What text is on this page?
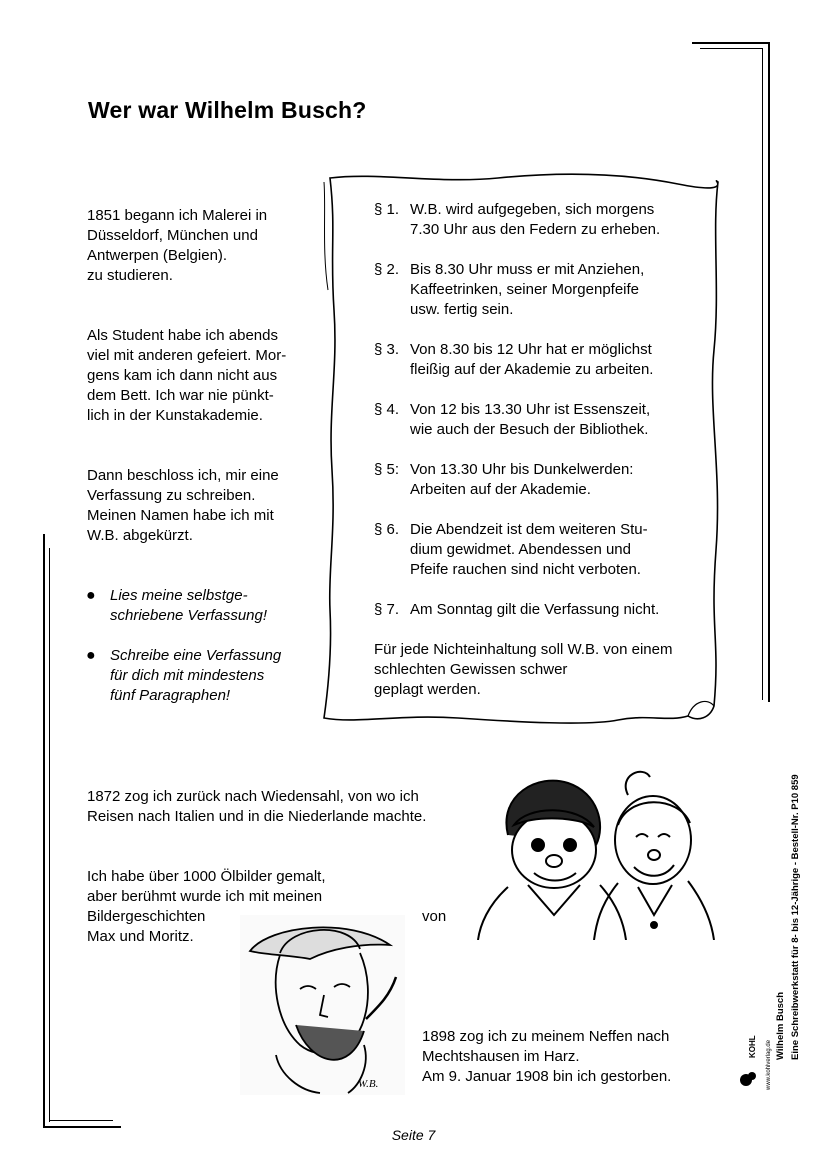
Wer war Wilhelm Busch?
1851 begann ich Malerei in
Düsseldorf, München und
Antwerpen (Belgien).
zu studieren.
Als Student habe ich abends
viel mit anderen gefeiert. Mor-
gens kam ich dann nicht aus
dem Bett. Ich war nie pünkt-
lich in der Kunstakademie.
Dann beschloss ich, mir eine
Verfassung zu schreiben.
Meinen Namen habe ich mit
W.B. abgekürzt.
● Lies meine selbstge-
schriebene Verfassung!
● Schreibe eine Verfassung
für dich mit mindestens
fünf Paragraphen!
§ 1. W.B. wird aufgegeben, sich morgens
7.30 Uhr aus den Federn zu erheben.
§ 2. Bis 8.30 Uhr muss er mit Anziehen,
Kaffeetrinken, seiner Morgenpfeife
usw. fertig sein.
§ 3. Von 8.30 bis 12 Uhr hat er möglichst
fleißig auf der Akademie zu arbeiten.
§ 4. Von 12 bis 13.30 Uhr ist Essenszeit,
wie auch der Besuch der Bibliothek.
§ 5: Von 13.30 Uhr bis Dunkelwerden:
Arbeiten auf der Akademie.
§ 6. Die Abendzeit ist dem weiteren Stu-
dium gewidmet. Abendessen und
Pfeife rauchen sind nicht verboten.
§ 7. Am Sonntag gilt die Verfassung nicht.
Für jede Nichteinhaltung soll W.B. von einem
schlechten Gewissen schwer
geplagt werden.
1872 zog ich zurück nach Wiedensahl, von wo ich
Reisen nach Italien und in die Niederlande machte.
Ich habe über 1000 Ölbilder gemalt,
aber berühmt wurde ich mit meinen
Bildergeschichten
Max und Moritz.
von
1898 zog ich zu meinem Neffen nach
Mechtshausen im Harz.
Am 9. Januar 1908 bin ich gestorben.
W.B.
Eine Schreibwerkstatt für 8- bis 12-Jährige - Bestell-Nr. P10 859
Wilhelm Busch
KOHL www.kohlverlag.de
Seite 7
